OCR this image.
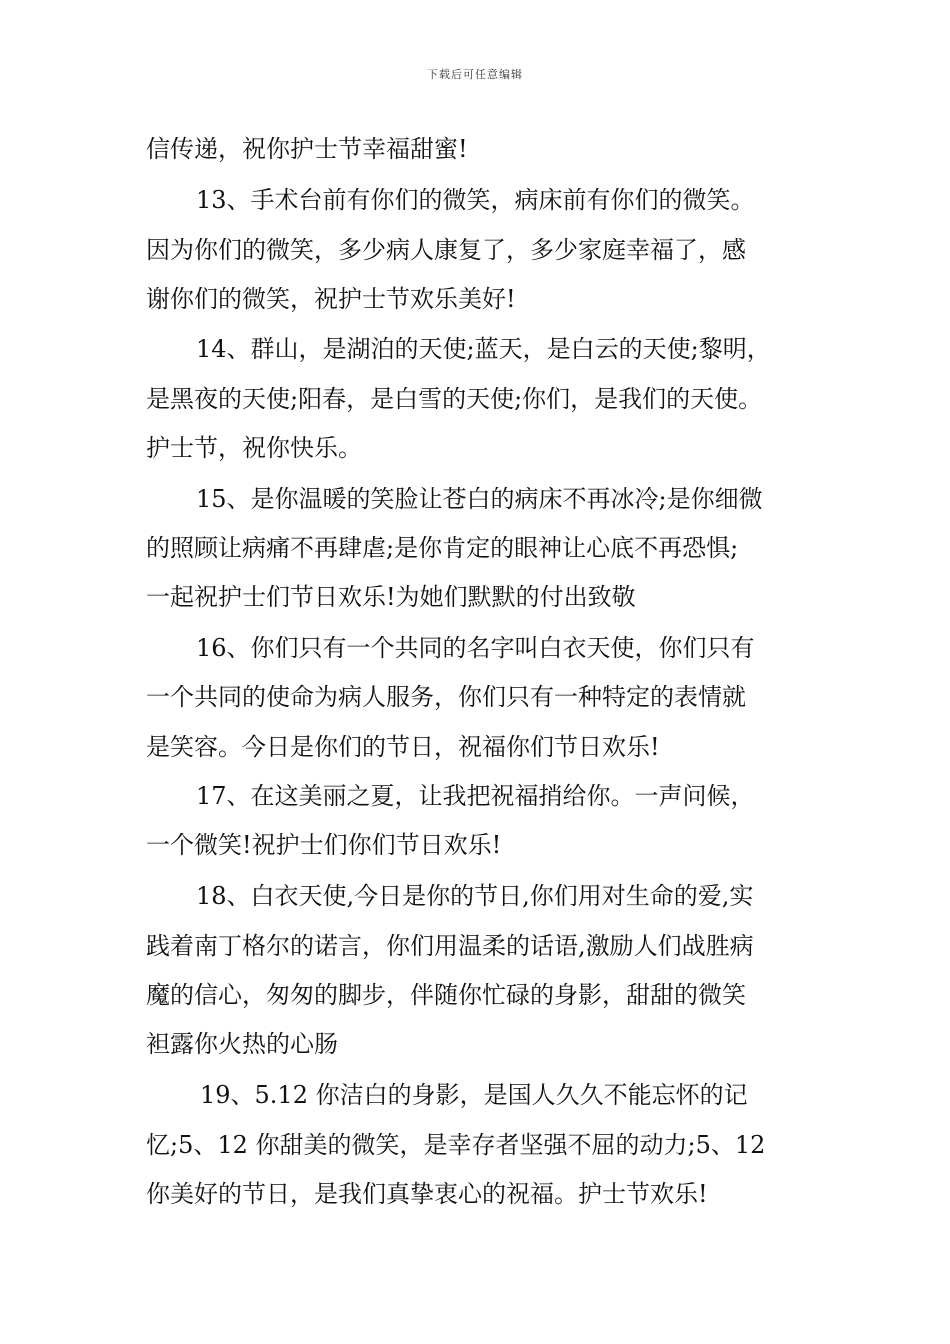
下载后可任意编辑
信传递，祝你护士节幸福甜蜜!
13、手术台前有你们的微笑，病床前有你们的微笑。
因为你们的微笑，多少病人康复了，多少家庭幸福了，感
谢你们的微笑，祝护士节欢乐美好!
14、群山，是湖泊的天使;蓝天，是白云的天使;黎明，
是黑夜的天使;阳春，是白雪的天使;你们，是我们的天使。
护士节，祝你快乐。
15、是你温暖的笑脸让苍白的病床不再冰冷;是你细微
的照顾让病痛不再肆虐;是你肯定的眼神让心底不再恐惧;
一起祝护士们节日欢乐!为她们默默的付出致敬
16、你们只有一个共同的名字叫白衣天使，你们只有
一个共同的使命为病人服务，你们只有一种特定的表情就
是笑容。今日是你们的节日，祝福你们节日欢乐!
17、在这美丽之夏，让我把祝福捎给你。一声问候，
一个微笑!祝护士们你们节日欢乐!
18、白衣天使,今日是你的节日,你们用对生命的爱,实
践着南丁格尔的诺言，你们用温柔的话语,激励人们战胜病
魔的信心，匆匆的脚步，伴随你忙碌的身影，甜甜的微笑
袒露你火热的心肠
19、5.12 你洁白的身影，是国人久久不能忘怀的记
忆;5、12 你甜美的微笑，是幸存者坚强不屈的动力;5、12
你美好的节日，是我们真挚衷心的祝福。护士节欢乐!
